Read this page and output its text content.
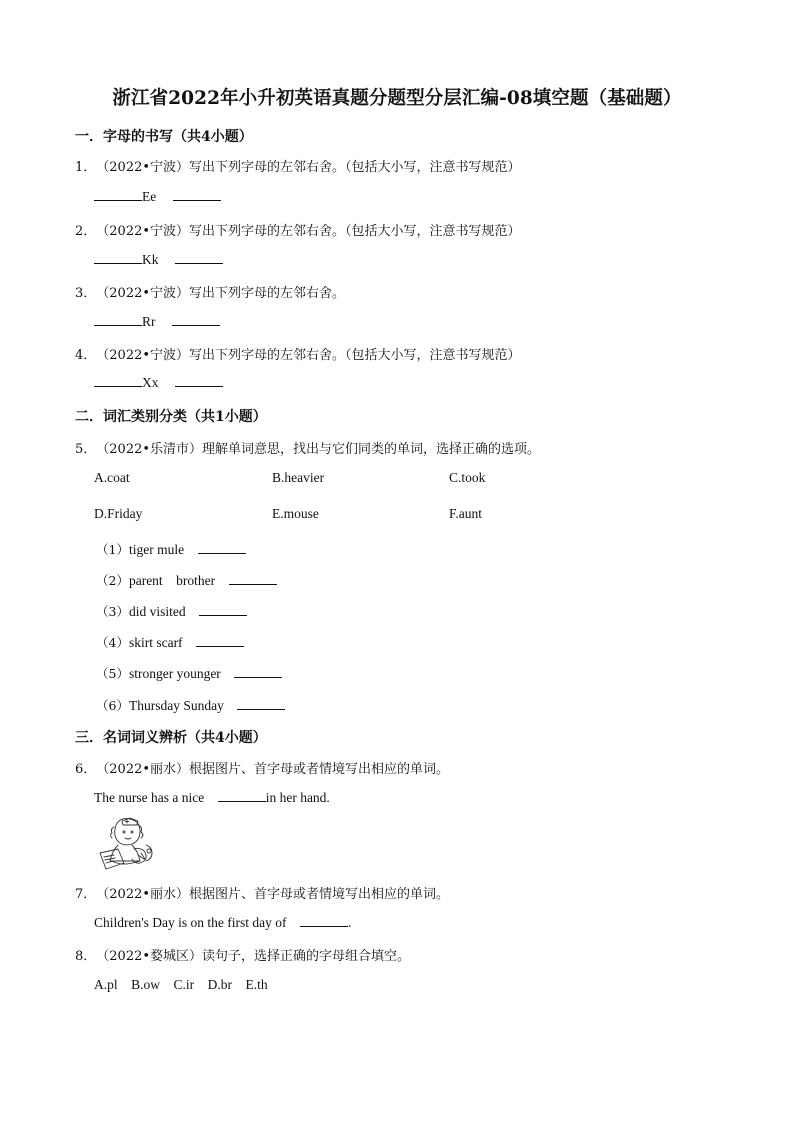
浙江省2022年小升初英语真题分题型分层汇编-08填空题（基础题）
一．字母的书写（共4小题）
1．（2022•宁波）写出下列字母的左邻右舍。（包括大小写，注意书写规范）
Ee
2．（2022•宁波）写出下列字母的左邻右舍。（包括大小写，注意书写规范）
Kk
3．（2022•宁波）写出下列字母的左邻右舍。
Rr
4．（2022•宁波）写出下列字母的左邻右舍。（包括大小写，注意书写规范）
Xx
二．词汇类别分类（共1小题）
5．（2022•乐清市）理解单词意思，找出与它们同类的单词，选择正确的选项。
A.coat	B.heavier	C.took
D.Friday	E.mouse	F.aunt
（1）tiger mule
（2）parent    brother
（3）did visited
（4）skirt scarf
（5）stronger younger
（6）Thursday Sunday
三．名词词义辨析（共4小题）
6．（2022•丽水）根据图片、首字母或者情境写出相应的单词。
The nurse has a nice	in her hand.
7．（2022•丽水）根据图片、首字母或者情境写出相应的单词。
Children's Day is on the first day of	.
8．（2022•婺城区）读句子，选择正确的字母组合填空。
A.pl    B.ow    C.ir    D.br    E.th
